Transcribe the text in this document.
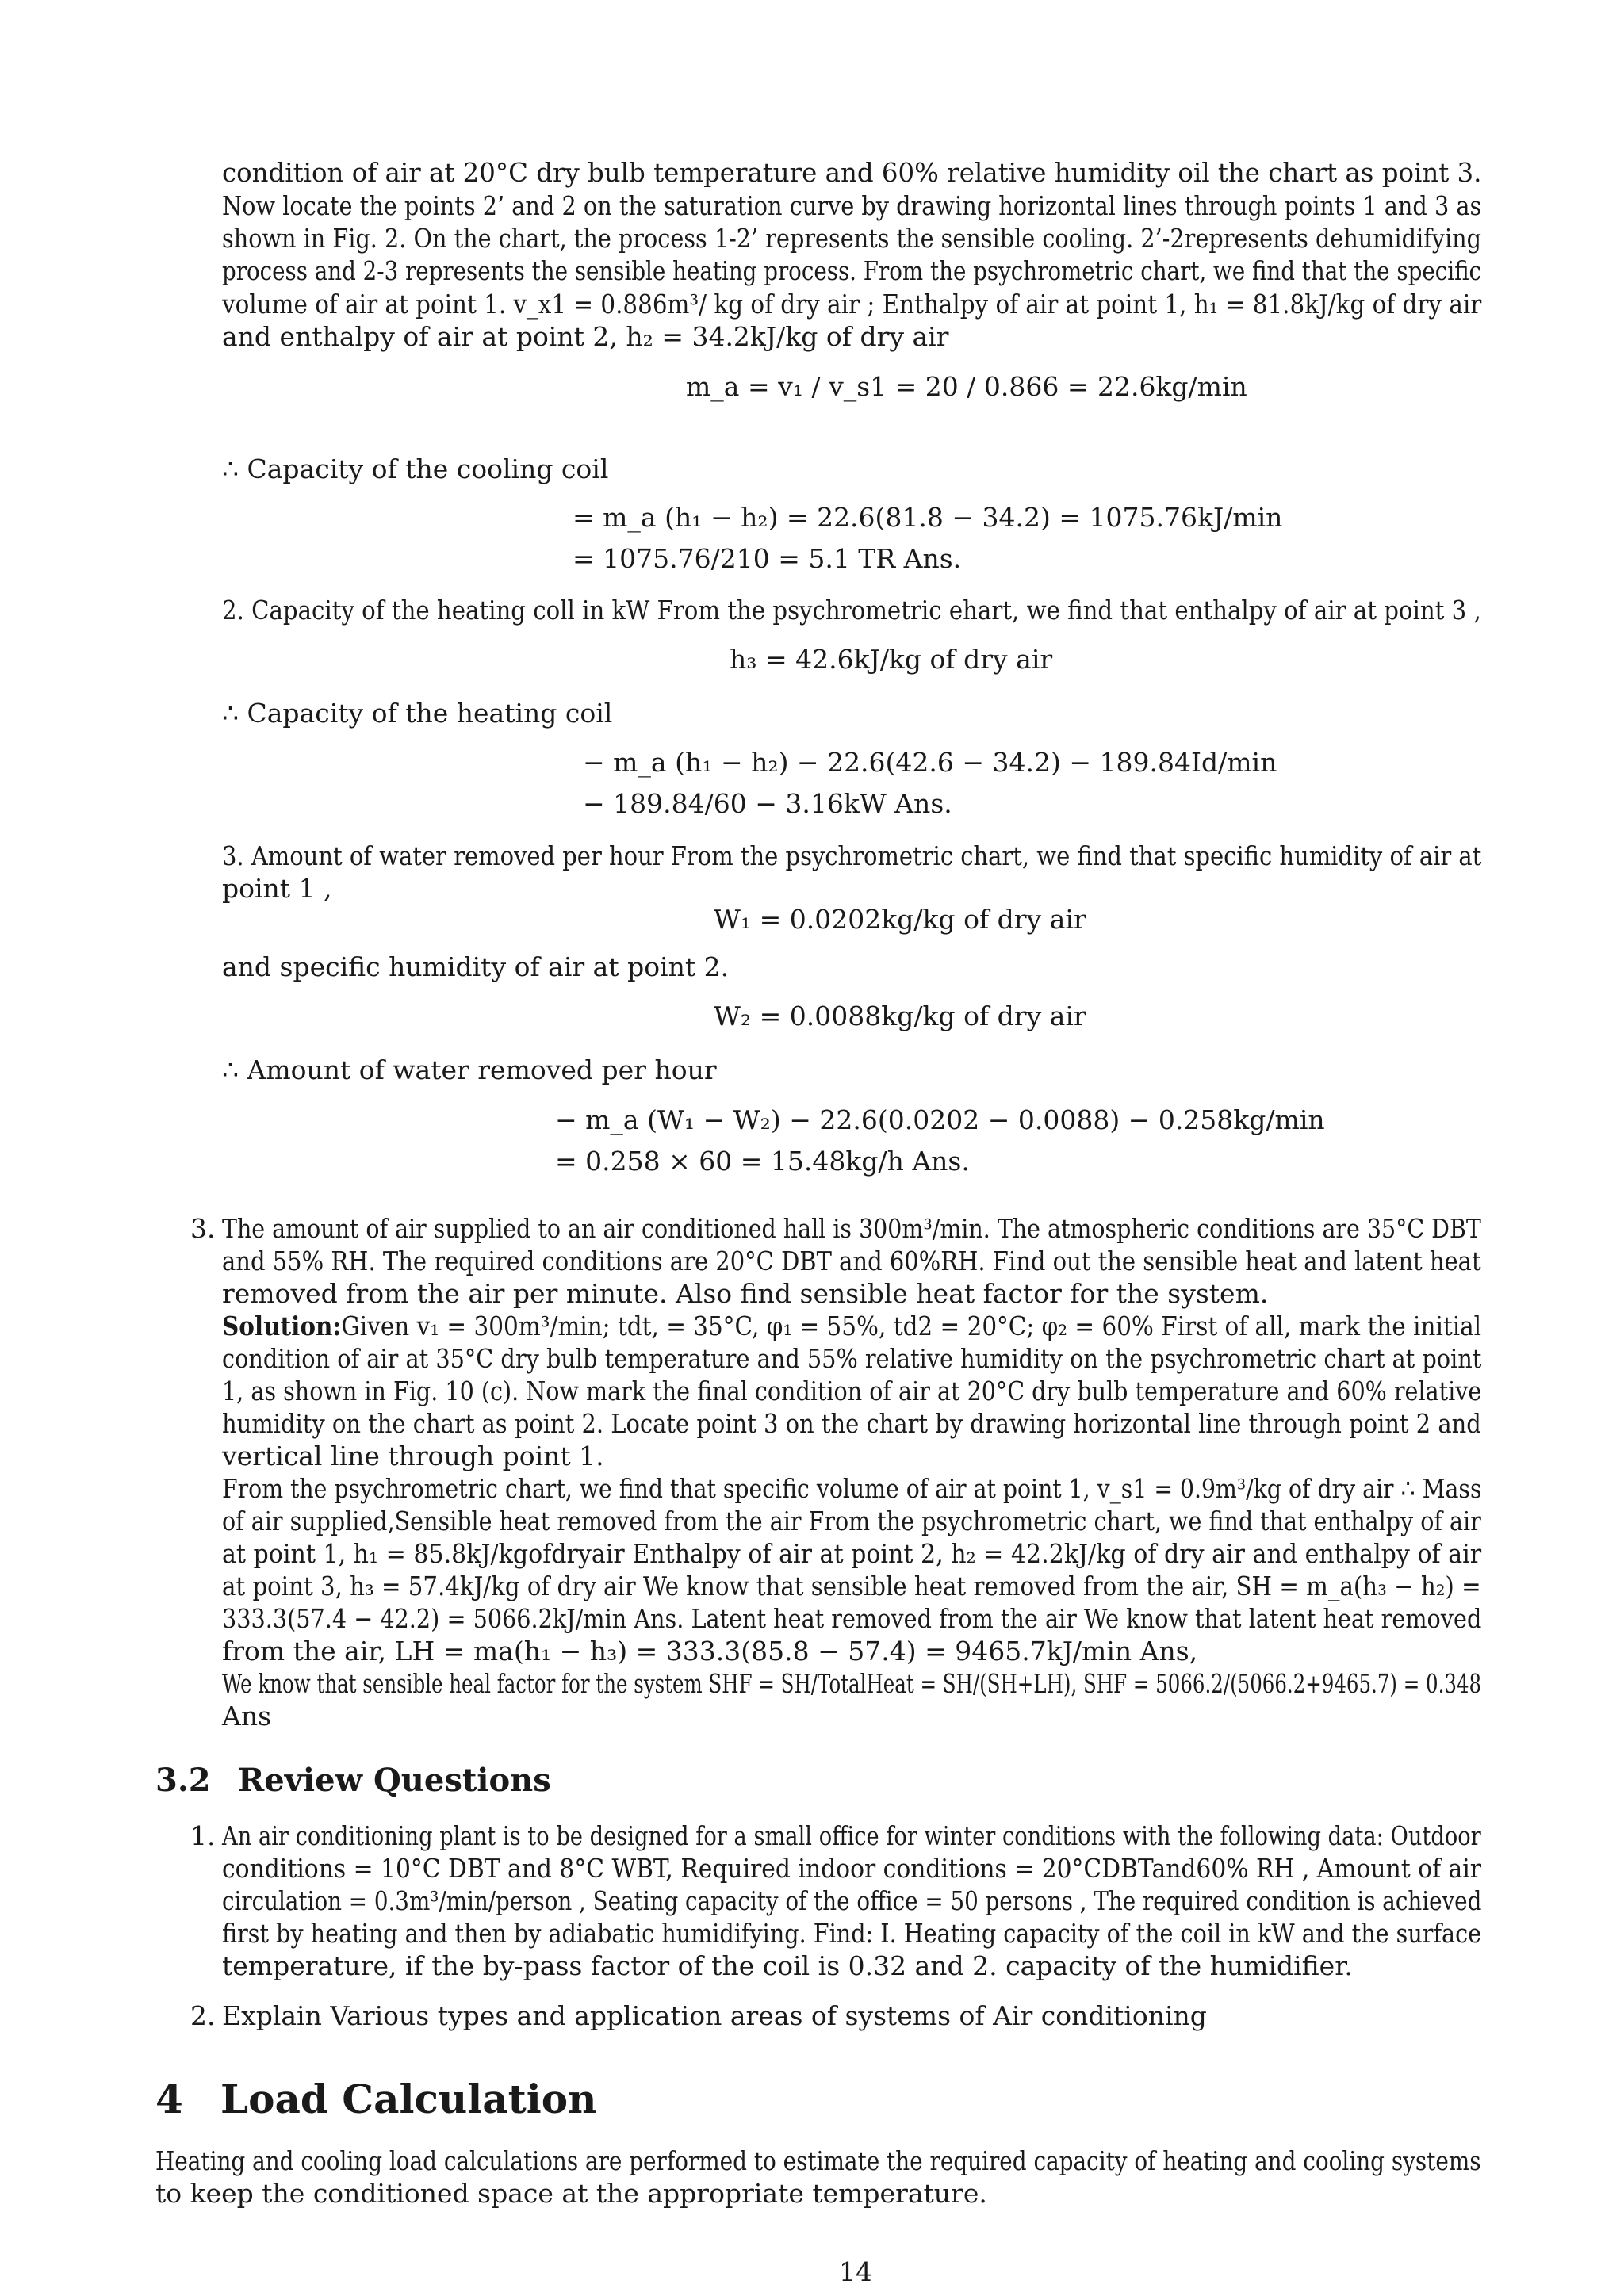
condition of air at 20°C dry bulb temperature and 60% relative humidity oil the chart as point 3.
Now locate the points 2’ and 2 on the saturation curve by drawing horizontal lines through points 1 and 3 as
shown in Fig. 2. On the chart, the process 1-2’ represents the sensible cooling. 2’-2represents dehumidifying
process and 2-3 represents the sensible heating process. From the psychrometric chart, we find that the specific
volume of air at point 1. v_x1 = 0.886m³/ kg of dry air ; Enthalpy of air at point 1, h₁ = 81.8kJ/kg of dry air
and enthalpy of air at point 2, h₂ = 34.2kJ/kg of dry air
m_a = v₁ / v_s1 = 20 / 0.866 = 22.6kg/min
∴ Capacity of the cooling coil
= m_a (h₁ − h₂) = 22.6(81.8 − 34.2) = 1075.76kJ/min
= 1075.76/210 = 5.1 TR Ans.
2. Capacity of the heating coll in kW From the psychrometric ehart, we find that enthalpy of air at point 3 ,
h₃ = 42.6kJ/kg of dry air
∴ Capacity of the heating coil
− m_a (h₁ − h₂) − 22.6(42.6 − 34.2) − 189.84Id/min
− 189.84/60 − 3.16kW Ans.
3. Amount of water removed per hour From the psychrometric chart, we find that specific humidity of air at
point 1 ,
W₁ = 0.0202kg/kg of dry air
and specific humidity of air at point 2.
W₂ = 0.0088kg/kg of dry air
∴ Amount of water removed per hour
− m_a (W₁ − W₂) − 22.6(0.0202 − 0.0088) − 0.258kg/min
= 0.258 × 60 = 15.48kg/h Ans.
3. The amount of air supplied to an air conditioned hall is 300m³/min. The atmospheric conditions are 35°C DBT
and 55% RH. The required conditions are 20°C DBT and 60%RH. Find out the sensible heat and latent heat
removed from the air per minute. Also find sensible heat factor for the system.
Solution:Given v₁ = 300m³/min; tdt, = 35°C, φ₁ = 55%, td2 = 20°C; φ₂ = 60% First of all, mark the initial
condition of air at 35°C dry bulb temperature and 55% relative humidity on the psychrometric chart at point
1, as shown in Fig. 10 (c). Now mark the final condition of air at 20°C dry bulb temperature and 60% relative
humidity on the chart as point 2. Locate point 3 on the chart by drawing horizontal line through point 2 and
vertical line through point 1.
From the psychrometric chart, we find that specific volume of air at point 1, v_s1 = 0.9m³/kg of dry air ∴ Mass
of air supplied,Sensible heat removed from the air From the psychrometric chart, we find that enthalpy of air
at point 1, h₁ = 85.8kJ/kgofdryair Enthalpy of air at point 2, h₂ = 42.2kJ/kg of dry air and enthalpy of air
at point 3, h₃ = 57.4kJ/kg of dry air We know that sensible heat removed from the air, SH = m_a(h₃ − h₂) =
333.3(57.4 − 42.2) = 5066.2kJ/min Ans. Latent heat removed from the air We know that latent heat removed
from the air, LH = ma(h₁ − h₃) = 333.3(85.8 − 57.4) = 9465.7kJ/min Ans,
We know that sensible heal factor for the system SHF = SH/TotalHeat = SH/(SH+LH), SHF = 5066.2/(5066.2+9465.7) = 0.348
Ans
3.2 Review Questions
1. An air conditioning plant is to be designed for a small office for winter conditions with the following data: Outdoor
conditions = 10°C DBT and 8°C WBT, Required indoor conditions = 20°CDBTand60% RH , Amount of air
circulation = 0.3m³/min/person , Seating capacity of the office = 50 persons , The required condition is achieved
first by heating and then by adiabatic humidifying. Find: I. Heating capacity of the coil in kW and the surface
temperature, if the by-pass factor of the coil is 0.32 and 2. capacity of the humidifier.
2. Explain Various types and application areas of systems of Air conditioning
4 Load Calculation
Heating and cooling load calculations are performed to estimate the required capacity of heating and cooling systems
to keep the conditioned space at the appropriate temperature.
14
